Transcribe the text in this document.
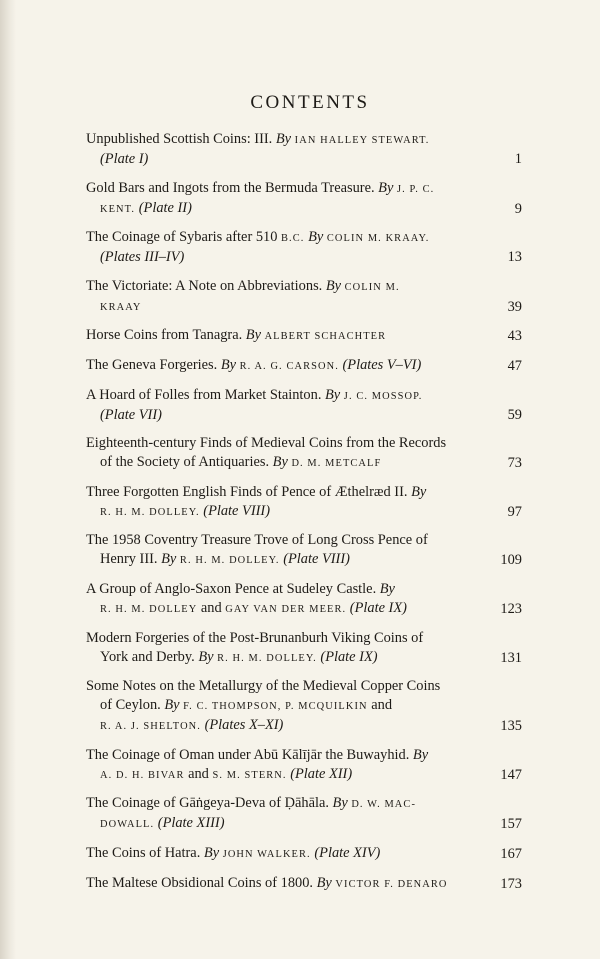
CONTENTS
Unpublished Scottish Coins: III. By IAN HALLEY STEWART.
(Plate I)	1
Gold Bars and Ingots from the Bermuda Treasure. By J. P. C.
KENT. (Plate II)	9
The Coinage of Sybaris after 510 B.C. By COLIN M. KRAAY.
(Plates III–IV)	13
The Victoriate: A Note on Abbreviations. By COLIN M.
KRAAY	39
Horse Coins from Tanagra. By ALBERT SCHACHTER	43
The Geneva Forgeries. By R. A. G. CARSON. (Plates V–VI)	47
A Hoard of Folles from Market Stainton. By J. C. MOSSOP.
(Plate VII)	59
Eighteenth-century Finds of Medieval Coins from the Records
of the Society of Antiquaries. By D. M. METCALF	73
Three Forgotten English Finds of Pence of Æthelræd II. By
R. H. M. DOLLEY. (Plate VIII)	97
The 1958 Coventry Treasure Trove of Long Cross Pence of
Henry III. By R. H. M. DOLLEY. (Plate VIII)	109
A Group of Anglo-Saxon Pence at Sudeley Castle. By
R. H. M. DOLLEY and GAY VAN DER MEER. (Plate IX)	123
Modern Forgeries of the Post-Brunanburh Viking Coins of
York and Derby. By R. H. M. DOLLEY. (Plate IX)	131
Some Notes on the Metallurgy of the Medieval Copper Coins
of Ceylon. By F. C. THOMPSON, P. MCQUILKIN and
R. A. J. SHELTON. (Plates X–XI)	135
The Coinage of Oman under Abū Kālījār the Buwayhid. By
A. D. H. BIVAR and S. M. STERN. (Plate XII)	147
The Coinage of Gāṅgeya-Deva of Ḍāhāla. By D. W. MAC-
DOWALL. (Plate XIII)	157
The Coins of Hatra. By JOHN WALKER. (Plate XIV)	167
The Maltese Obsidional Coins of 1800. By VICTOR F. DENARO	173
